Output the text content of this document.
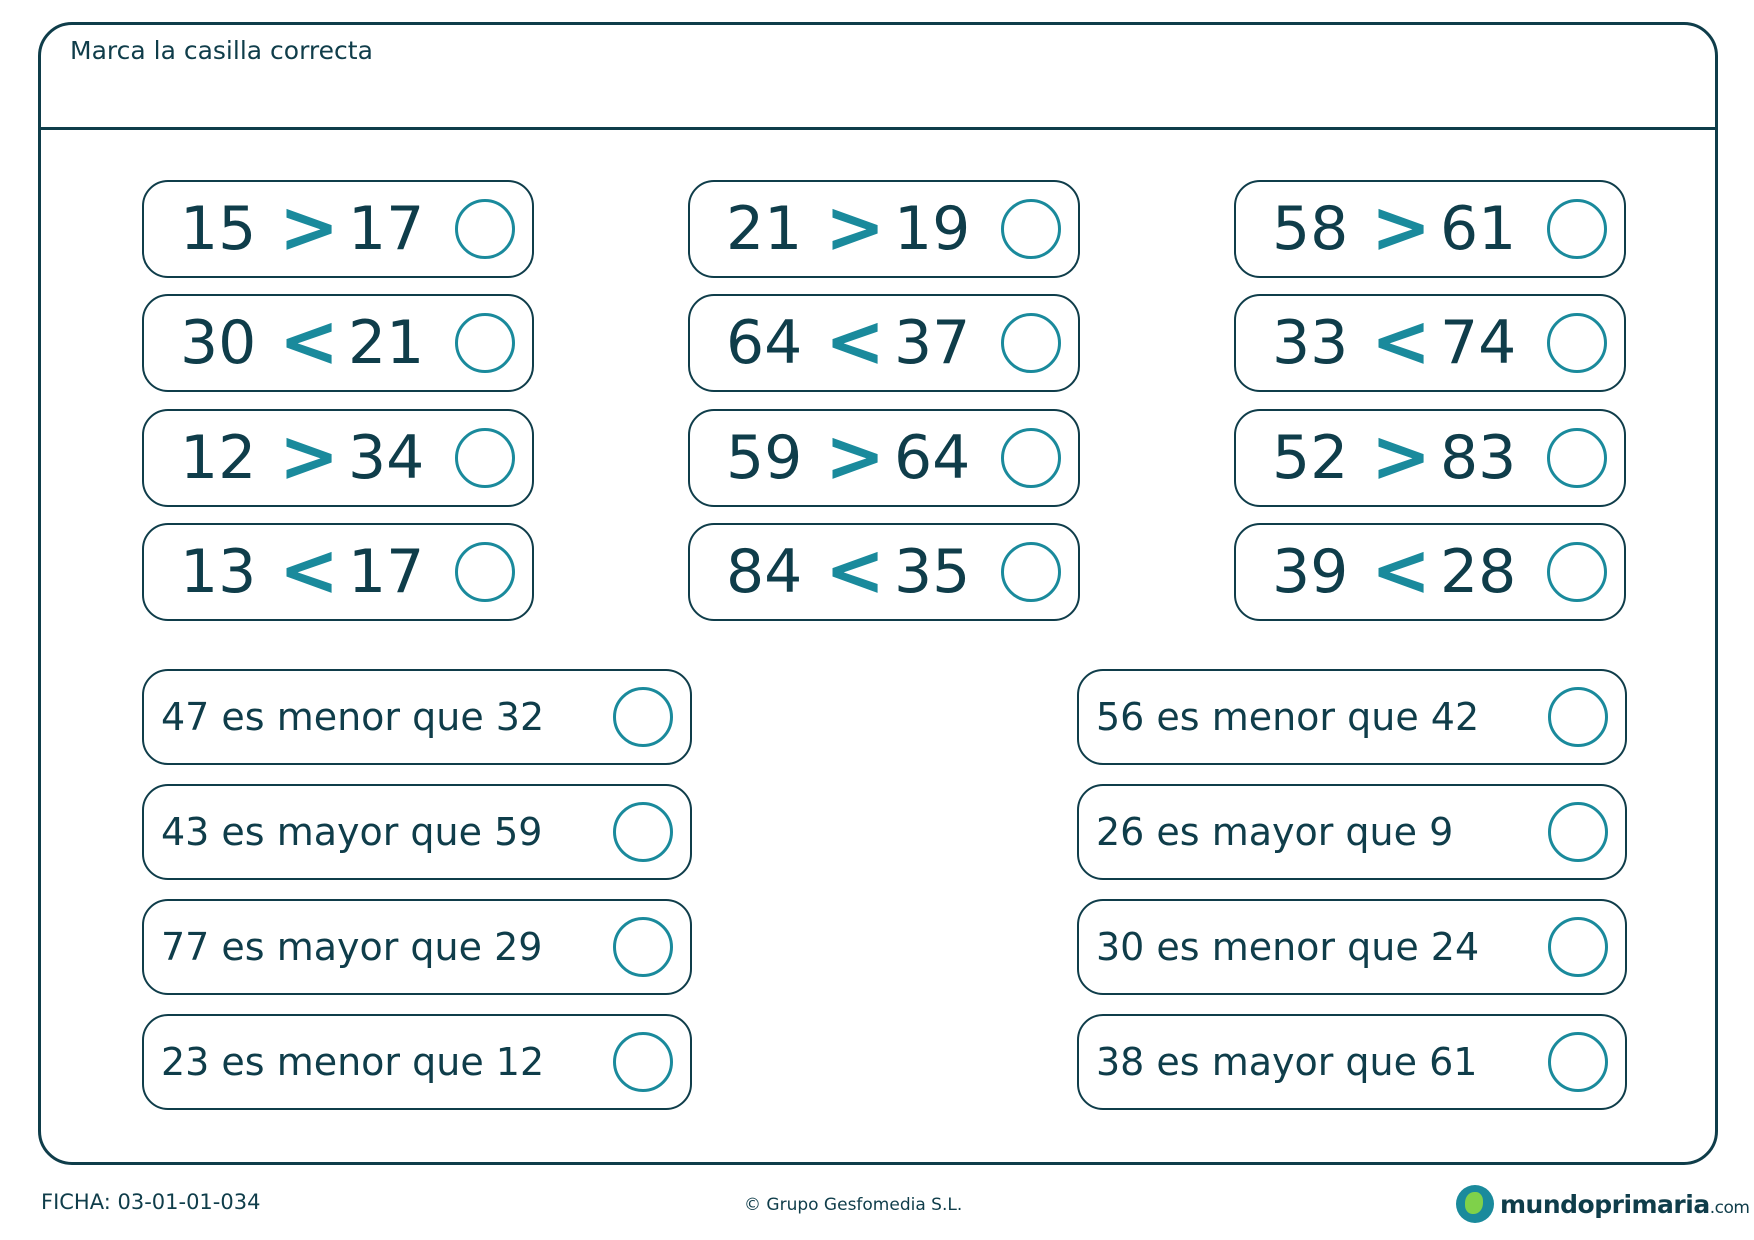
Marca la casilla correcta
15 > 17
30 < 21
12 > 34
13 < 17
21 > 19
64 < 37
59 > 64
84 < 35
58 > 61
33 < 74
52 > 83
39 < 28
47 es menor que 32
43 es mayor que 59
77 es mayor que 29
23 es menor que 12
56 es menor que 42
26 es mayor que 9
30 es menor que 24
38 es mayor que 61
FICHA: 03-01-01-034	© Grupo Gesfomedia S.L.	mundoprimaria.com
